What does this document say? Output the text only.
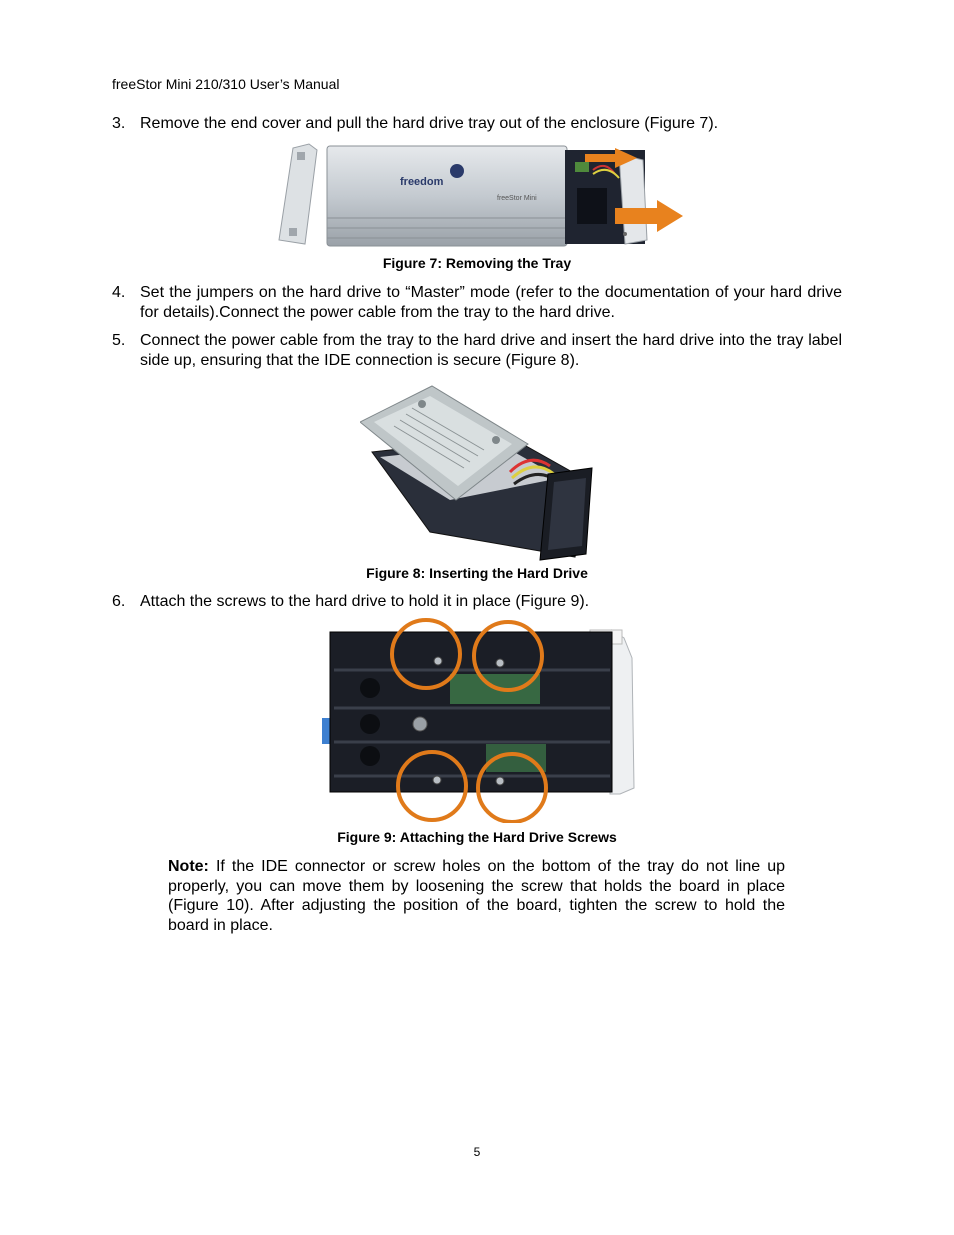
freeStor Mini 210/310 User’s Manual
3. Remove the end cover and pull the hard drive tray out of the enclosure (Figure 7).
freedom
freeStor Mini
Figure 7: Removing the Tray
4. Set the jumpers on the hard drive to “Master” mode (refer to the documentation of your hard drive for details).Connect the power cable from the tray to the hard drive.
5. Connect the power cable from the tray to the hard drive and insert the hard drive into the tray label side up, ensuring that the IDE connection is secure (Figure 8).
Figure 8: Inserting the Hard Drive
6. Attach the screws to the hard drive to hold it in place (Figure 9).
Figure 9: Attaching the Hard Drive Screws
Note: If the IDE connector or screw holes on the bottom of the tray do not line up properly, you can move them by loosening the screw that holds the board in place (Figure 10). After adjusting the position of the board, tighten the screw to hold the board in place.
5
